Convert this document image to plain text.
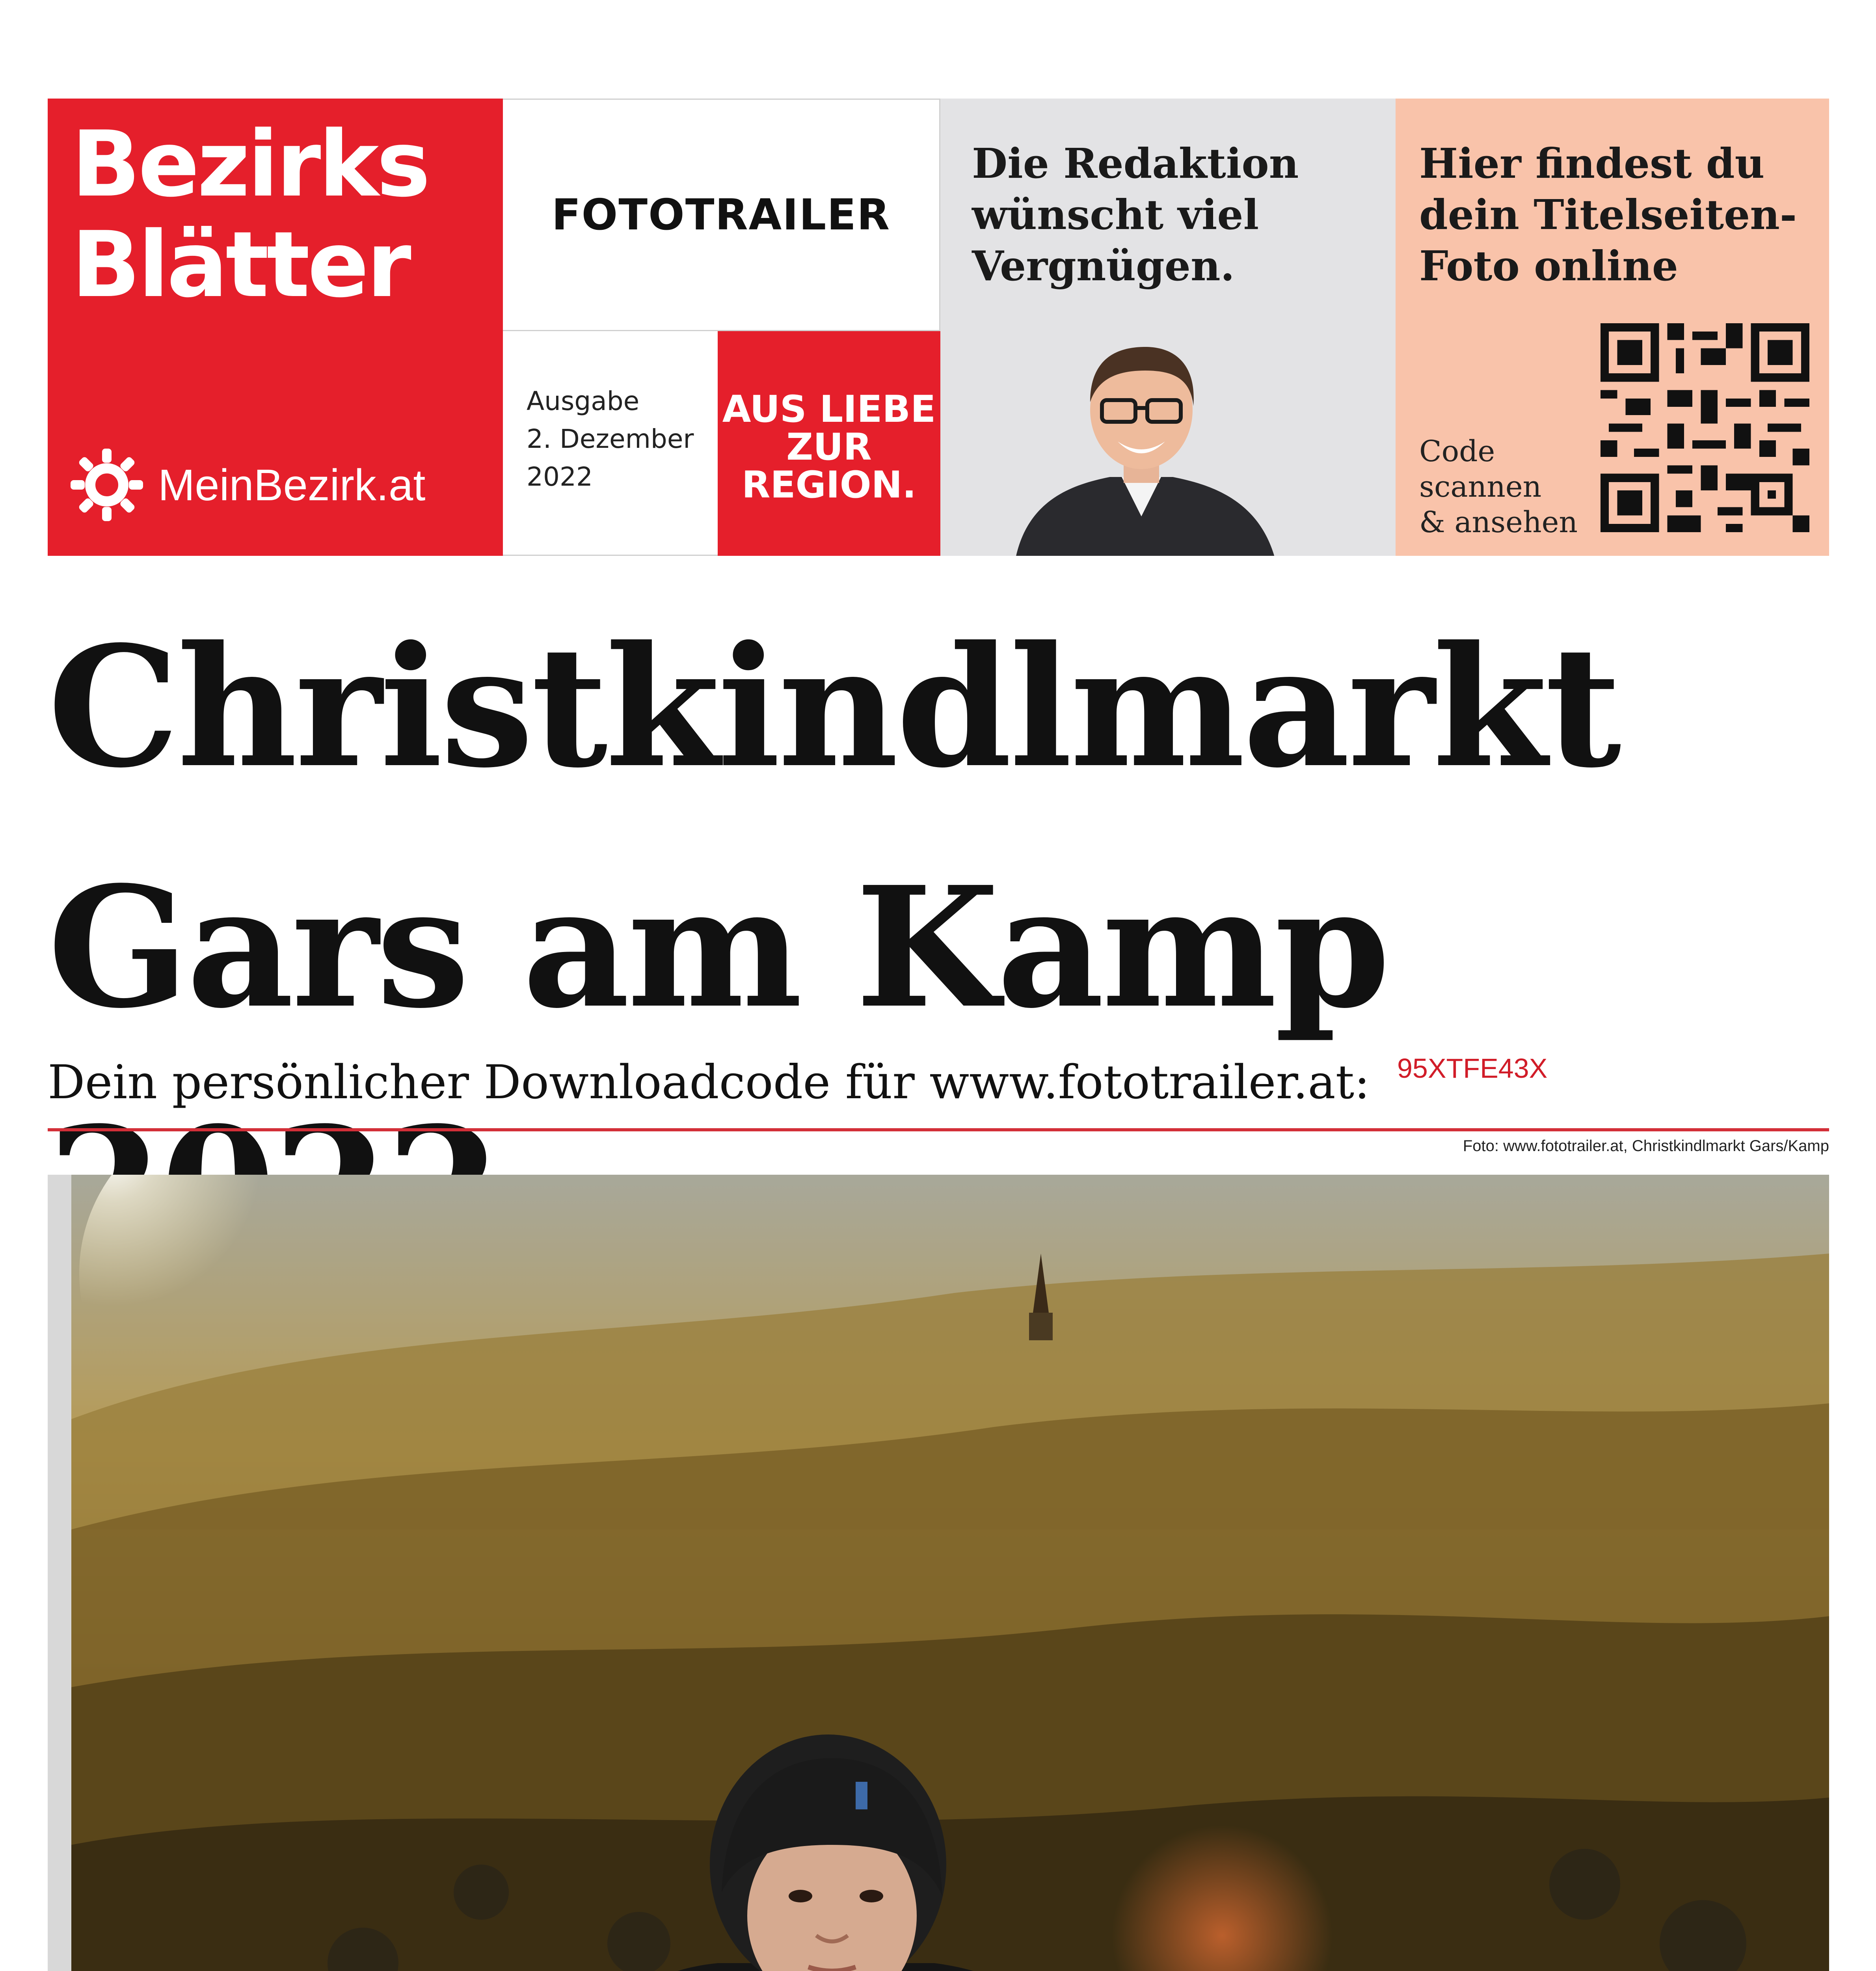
Bezirks
Blätter
MeinBezirk.at
FOTOTRAILER
Ausgabe
2. Dezember
2022
AUS LIEBE
ZUR
REGION.
Die Redaktion
wünscht viel
Vergnügen.
Hier findest du
dein Titelseiten-
Foto online
Code
scannen
& ansehen
Christkindlmarkt
Gars am Kamp
Dein persönlicher Downloadcode für www.fototrailer.at: 95XTFE43X
Foto: www.fototrailer.at, Christkindlmarkt Gars/Kamp
